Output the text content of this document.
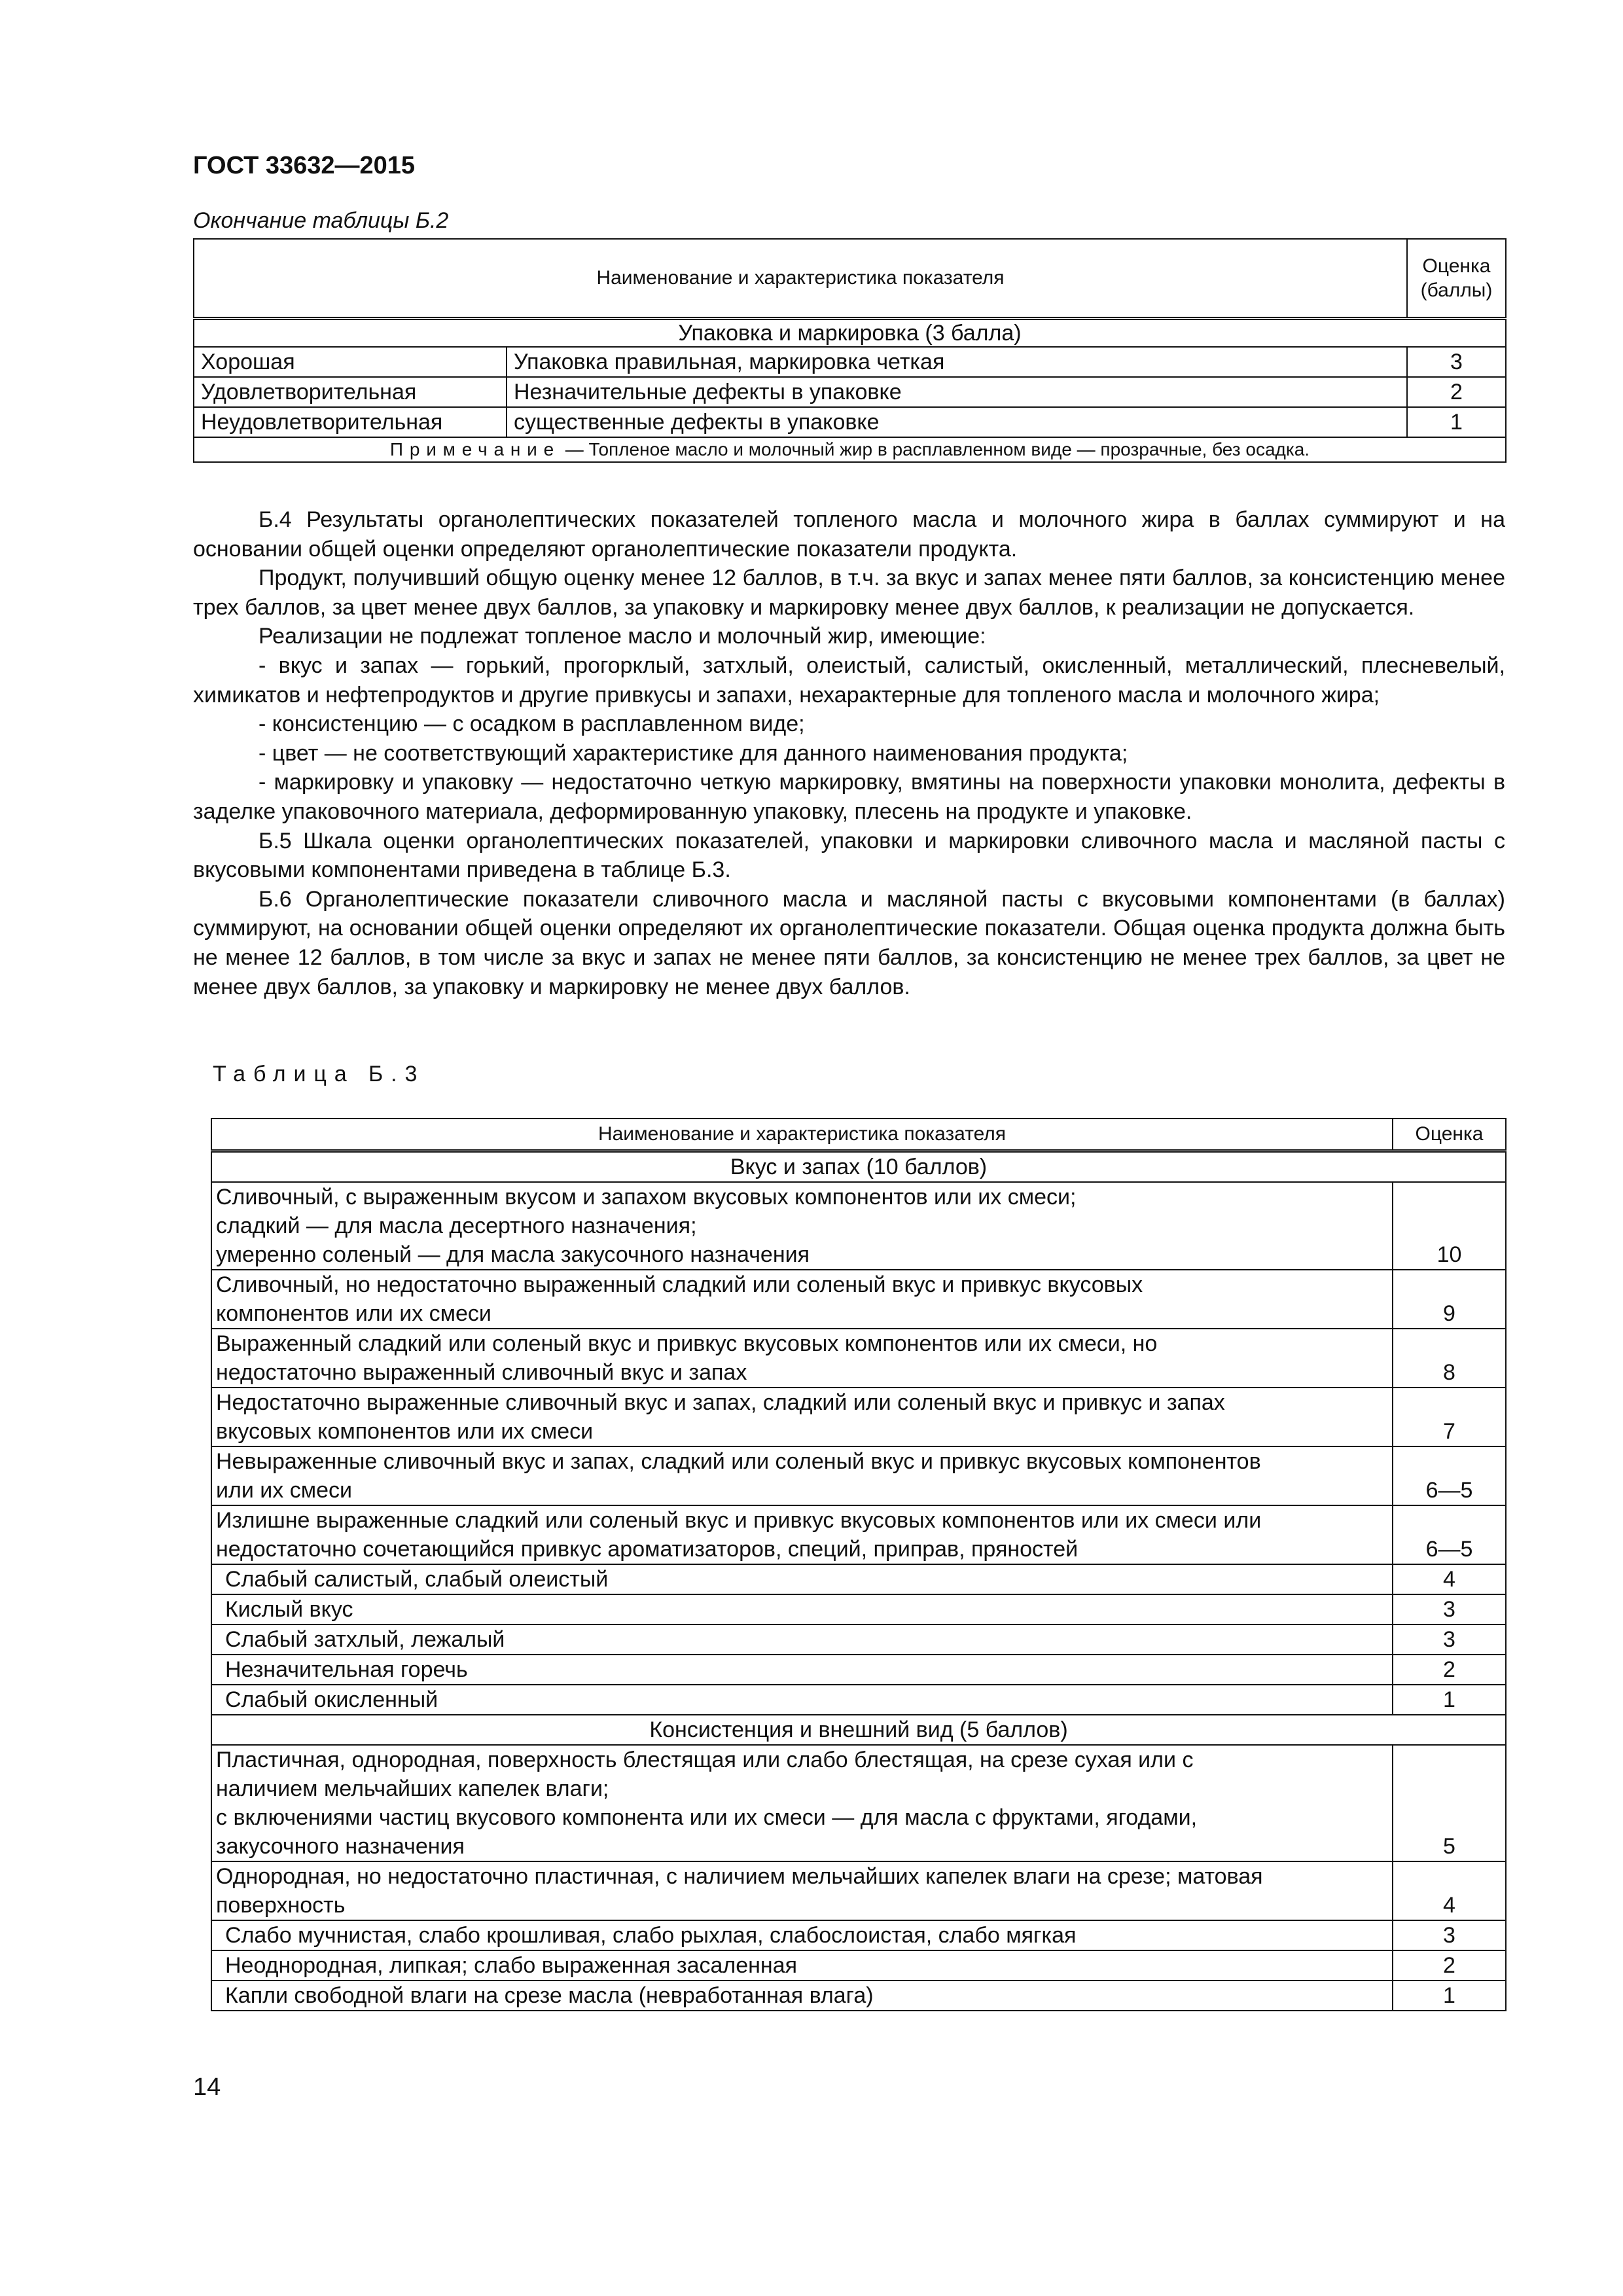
ГОСТ 33632—2015
Окончание таблицы Б.2
Наименование и характеристика показателя		Оценка (баллы)
Упаковка и маркировка (3 балла)		
Хорошая	Упаковка правильная, маркировка четкая	3
Удовлетворительная	Незначительные дефекты в упаковке	2
Неудовлетворительная	существенные дефекты в упаковке	1
Примечание — Топленое масло и молочный жир в расплавленном виде — прозрачные, без осадка.		

Б.4 Результаты органолептических показателей топленого масла и молочного жира в баллах суммируют и на основании общей оценки определяют органолептические показатели продукта.

Продукт, получивший общую оценку менее 12 баллов, в т.ч. за вкус и запах менее пяти баллов, за консистенцию менее трех баллов, за цвет менее двух баллов, за упаковку и маркировку менее двух баллов, к реализации не допускается.

Реализации не подлежат топленое масло и молочный жир, имеющие:

- вкус и запах — горький, прогорклый, затхлый, олеистый, салистый, окисленный, металлический, плесневелый, химикатов и нефтепродуктов и другие привкусы и запахи, нехарактерные для топленого масла и молочного жира;

- консистенцию — с осадком в расплавленном виде;

- цвет — не соответствующий характеристике для данного наименования продукта;

- маркировку и упаковку — недостаточно четкую маркировку, вмятины на поверхности упаковки монолита, дефекты в заделке упаковочного материала, деформированную упаковку, плесень на продукте и упаковке.

Б.5 Шкала оценки органолептических показателей, упаковки и маркировки сливочного масла и масляной пасты с вкусовыми компонентами приведена в таблице Б.3.

Б.6 Органолептические показатели сливочного масла и масляной пасты с вкусовыми компонентами (в баллах) суммируют, на основании общей оценки определяют их органолептические показатели. Общая оценка продукта должна быть не менее 12 баллов, в том числе за вкус и запах не менее пяти баллов, за консистенцию не менее трех баллов, за цвет не менее двух баллов, за упаковку и маркировку не менее двух баллов.

Таблица Б.3
Наименование и характеристика показателя	Оценка
Вкус и запах (10 баллов)	

Сливочный, с выраженным вкусом и запахом вкусовых компонентов или их смеси;
сладкий — для масла десертного назначения;
умеренно соленый — для масла закусочного назначения	10

Сливочный, но недостаточно выраженный сладкий или соленый вкус и привкус вкусовых
компонентов или их смеси	9

Выраженный сладкий или соленый вкус и привкус вкусовых компонентов или их смеси, но
недостаточно выраженный сливочный вкус и запах	8

Недостаточно выраженные сливочный вкус и запах, сладкий или соленый вкус и привкус и запах
вкусовых компонентов или их смеси	7

Невыраженные сливочный вкус и запах, сладкий или соленый вкус и привкус вкусовых компонентов
или их смеси	6—5

Излишне выраженные сладкий или соленый вкус и привкус вкусовых компонентов или их смеси или
недостаточно сочетающийся привкус ароматизаторов, специй, приправ, пряностей	6—5

Слабый салистый, слабый олеистый	4

Кислый вкус	3

Слабый затхлый, лежалый	3

Незначительная горечь	2

Слабый окисленный	1
Консистенция и внешний вид (5 баллов)	

Пластичная, однородная, поверхность блестящая или слабо блестящая, на срезе сухая или с
наличием мельчайших капелек влаги;
с включениями частиц вкусового компонента или их смеси — для масла с фруктами, ягодами,
закусочного назначения	5

Однородная, но недостаточно пластичная, с наличием мельчайших капелек влаги на срезе; матовая
поверхность	4

Слабо мучнистая, слабо крошливая, слабо рыхлая, слабослоистая, слабо мягкая	3

Неоднородная, липкая; слабо выраженная засаленная	2

Капли свободной влаги на срезе масла (невработанная влага)	1
14
